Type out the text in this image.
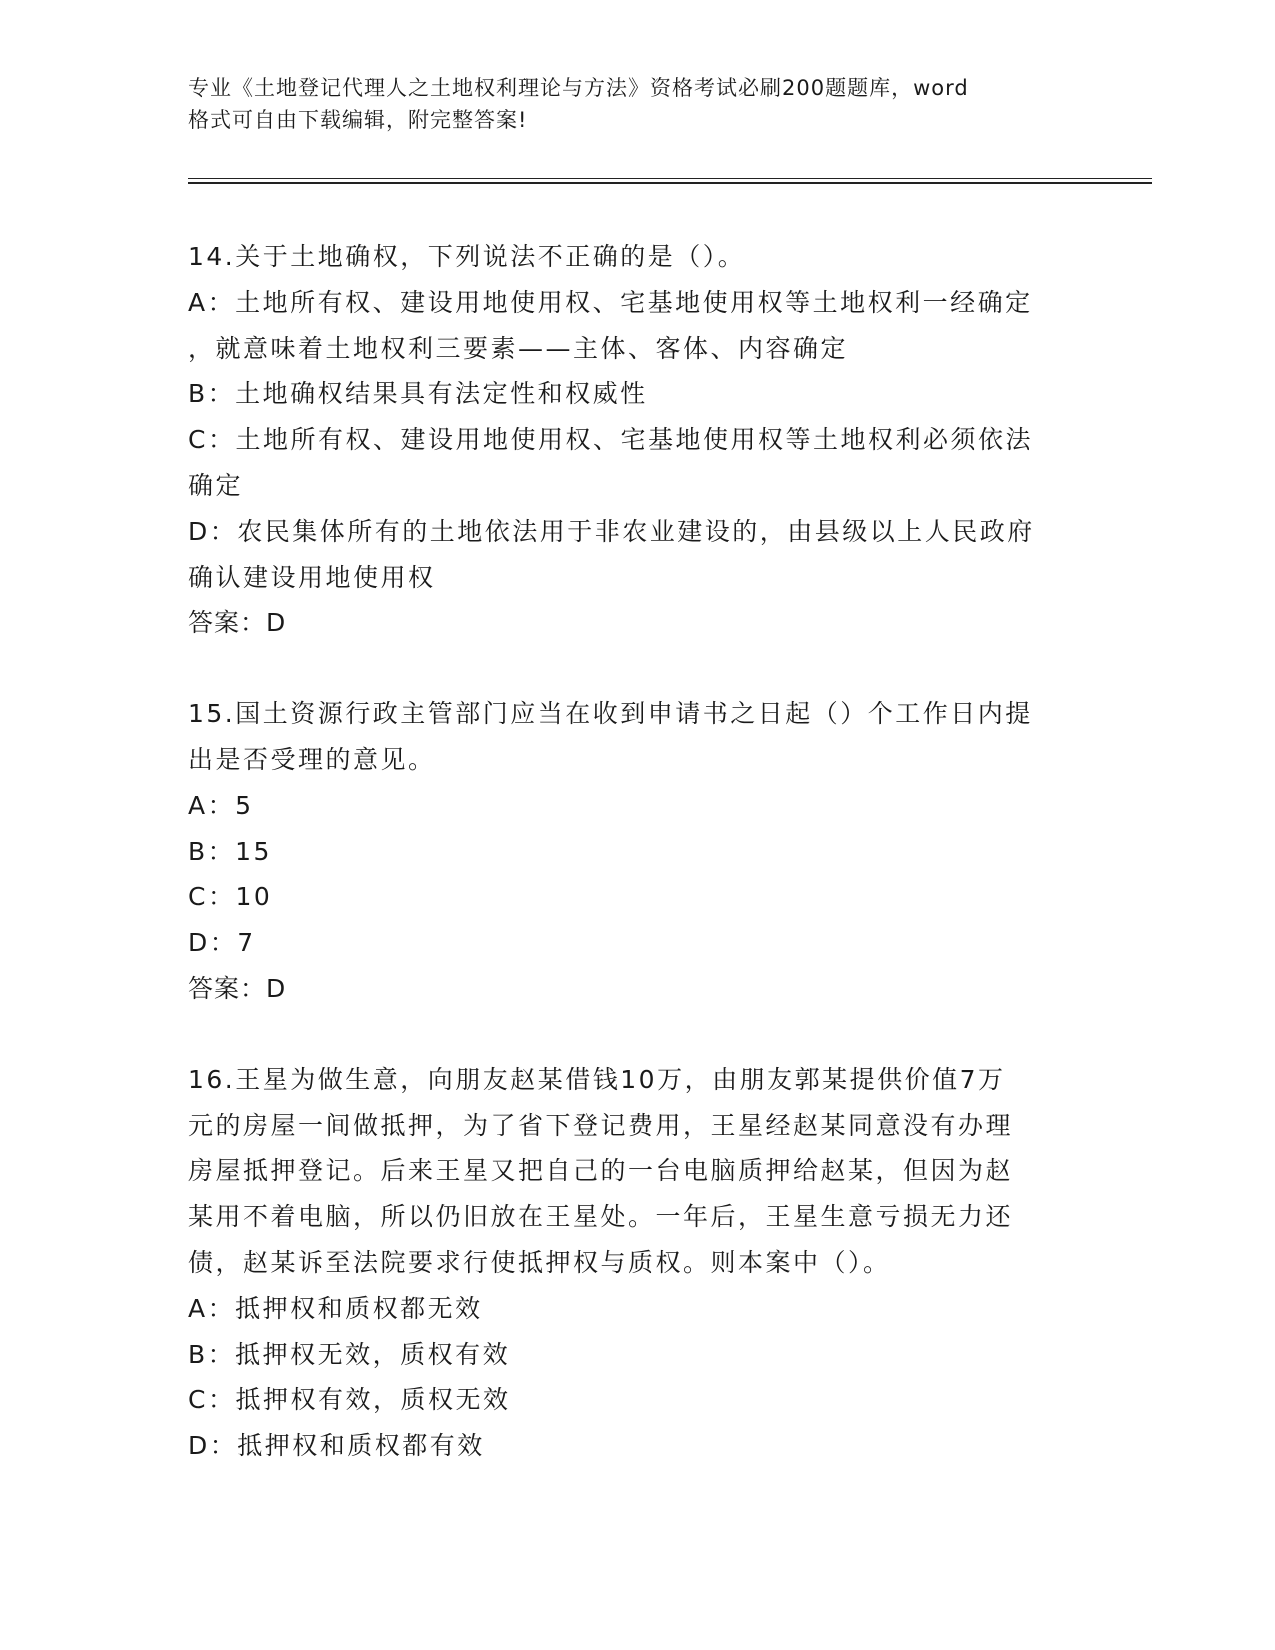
专业《土地登记代理人之土地权利理论与方法》资格考试必刷200题题库，word
格式可自由下载编辑，附完整答案!
14.关于土地确权，下列说法不正确的是（）。
A：土地所有权、建设用地使用权、宅基地使用权等土地权利一经确定
，就意味着土地权利三要素——主体、客体、内容确定
B：土地确权结果具有法定性和权威性
C：土地所有权、建设用地使用权、宅基地使用权等土地权利必须依法
确定
D：农民集体所有的土地依法用于非农业建设的，由县级以上人民政府
确认建设用地使用权
答案：D
15.国土资源行政主管部门应当在收到申请书之日起（）个工作日内提
出是否受理的意见。
A：5
B：15
C：10
D：7
答案：D
16.王星为做生意，向朋友赵某借钱10万，由朋友郭某提供价值7万
元的房屋一间做抵押，为了省下登记费用，王星经赵某同意没有办理
房屋抵押登记。后来王星又把自己的一台电脑质押给赵某，但因为赵
某用不着电脑，所以仍旧放在王星处。一年后，王星生意亏损无力还
债，赵某诉至法院要求行使抵押权与质权。则本案中（）。
A：抵押权和质权都无效
B：抵押权无效，质权有效
C：抵押权有效，质权无效
D：抵押权和质权都有效
